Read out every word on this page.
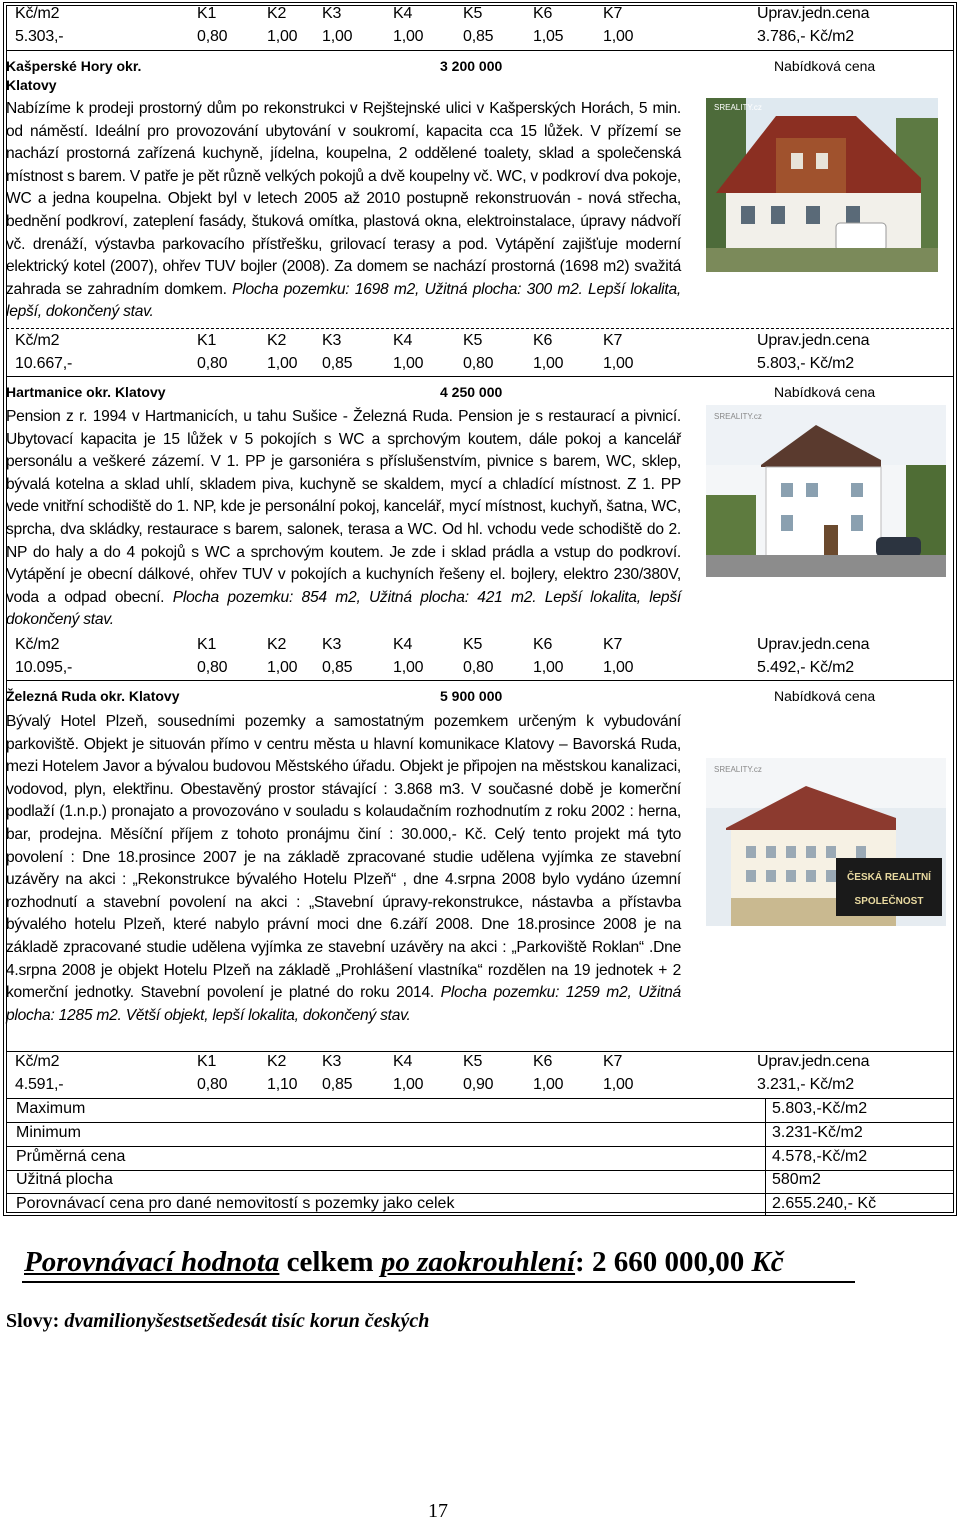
Kč/m2	K1	K2 K3	K4	K5	K6	K7	Uprav.jedn.cena
5.303,-	0,80 1,00 1,00	1,00 0,85 1,05 1,00	3.786,- Kč/m2
Kašperské Hory okr.
Klatovy
3 200 000	Nabídková cena
Nabízíme k prodeji prostorný dům po rekonstrukci v Rejštejnské ulici v Kašperských Horách, 5 min. od náměstí. Ideální pro provozování ubytování v soukromí, kapacita cca 15 lůžek. V přízemí se nachází prostorná zařízená kuchyně, jídelna, koupelna, 2 oddělené toalety, sklad a společenská místnost s barem. V patře je pět různě velkých pokojů a dvě koupelny vč. WC, v podkroví dva pokoje, WC a jedna koupelna. Objekt byl v letech 2005 až 2010 postupně rekonstruován - nová střecha, bednění podkroví, zateplení fasády, štuková omítka, plastová okna, elektroinstalace, úpravy nádvoří vč. drenáží, výstavba parkovacího přístřešku, grilovací terasy a pod. Vytápění zajišťuje moderní elektrický kotel (2007), ohřev TUV bojler (2008). Za domem se nachází prostorná (1698 m2) svažitá zahrada se zahradním domkem. Plocha pozemku: 1698 m2, Užitná plocha: 300 m2. Lepší lokalita, lepší, dokončený stav.
SREALITY.cz
Kč/m2	K1	K2 K3	K4	K5	K6	K7	Uprav.jedn.cena
10.667,-	0,80 1,00 0,85	1,00 0,80 1,00 1,00	5.803,- Kč/m2
Hartmanice okr. Klatovy	4 250 000	Nabídková cena
Pension z r. 1994 v Hartmanicích, u tahu Sušice - Železná Ruda. Pension je s restaurací a pivnicí. Ubytovací kapacita je 15 lůžek v 5 pokojích s WC a sprchovým koutem, dále pokoj a kancelář personálu a veškeré zázemí. V 1. PP je garsoniéra s příslušenstvím, pivnice s barem, WC, sklep, bývalá kotelna a sklad uhlí, skladem piva, kuchyně se skaldem, mycí a chladící místnost. Z 1. PP vede vnitřní schodiště do 1. NP, kde je personální pokoj, kancelář, mycí místnost, kuchyň, šatna, WC, sprcha, dva skládky, restaurace s barem, salonek, terasa a WC. Od hl. vchodu vede schodiště do 2. NP do haly a do 4 pokojů s WC a sprchovým koutem. Je zde i sklad prádla a vstup do podkroví. Vytápění je obecní dálkové, ohřev TUV v pokojích a kuchyních řešeny el. bojlery, elektro 230/380V, voda a odpad obecní. Plocha pozemku: 854 m2, Užitná plocha: 421 m2. Lepší lokalita, lepší dokončený stav.
SREALITY.cz
Kč/m2	K1	K2 K3	K4	K5	K6	K7	Uprav.jedn.cena
10.095,-	0,80 1,00 0,85	1,00 0,80 1,00 1,00	5.492,- Kč/m2
Železná Ruda okr. Klatovy	5 900 000	Nabídková cena
Bývalý Hotel Plzeň, sousedními pozemky a samostatným pozemkem určeným k vybudování parkoviště. Objekt je situován přímo v centru města u hlavní komunikace Klatovy – Bavorská Ruda, mezi Hotelem Javor a bývalou budovou Městského úřadu. Objekt je připojen na městskou kanalizaci, vodovod, plyn, elektřinu. Obestavěný prostor stávající : 3.868 m3. V současné době je komerční podlaží (1.n.p.) pronajato a provozováno v souladu s kolaudačním rozhodnutím z roku 2002 : herna, bar, prodejna. Měsíční příjem z tohoto pronájmu činí : 30.000,- Kč. Celý tento projekt má tyto povolení : Dne 18.prosince 2007 je na základě zpracované studie udělena vyjímka ze stavební uzávěry na akci : „Rekonstrukce bývalého Hotelu Plzeň“ , dne 4.srpna 2008 bylo vydáno územní rozhodnutí a stavební povolení na akci : „Stavební úpravy-rekonstrukce, nástavba a přístavba bývalého hotelu Plzeň, které nabylo právní moci dne 6.září 2008. Dne 18.prosince 2008 je na základě zpracované studie udělena vyjímka ze stavební uzávěry na akci : „Parkoviště Roklan“ .Dne 4.srpna 2008 je objekt Hotelu Plzeň na základě „Prohlášení vlastníka“ rozdělen na 19 jednotek + 2 komerční jednotky. Stavební povolení je platné do roku 2014. Plocha pozemku: 1259 m2, Užitná plocha: 1285 m2. Větší objekt, lepší lokalita, dokončený stav.
ČESKÁ REALITNÍ
SPOLEČNOST
SREALITY.cz
Kč/m2	K1	K2 K3	K4	K5	K6	K7	Uprav.jedn.cena
4.591,-	0,80 1,10 0,85	1,00 0,90 1,00 1,00	3.231,- Kč/m2
Maximum	5.803,-Kč/m2
Minimum	3.231-Kč/m2
Průměrná cena	4.578,-Kč/m2
Užitná plocha	580m2
Porovnávací cena pro dané nemovitostí s pozemky jako celek	2.655.240,- Kč
Porovnávací hodnota celkem po zaokrouhlení: 2 660 000,00 Kč
Slovy: dvamilionyšestsetšedesát tisíc korun českých
17
